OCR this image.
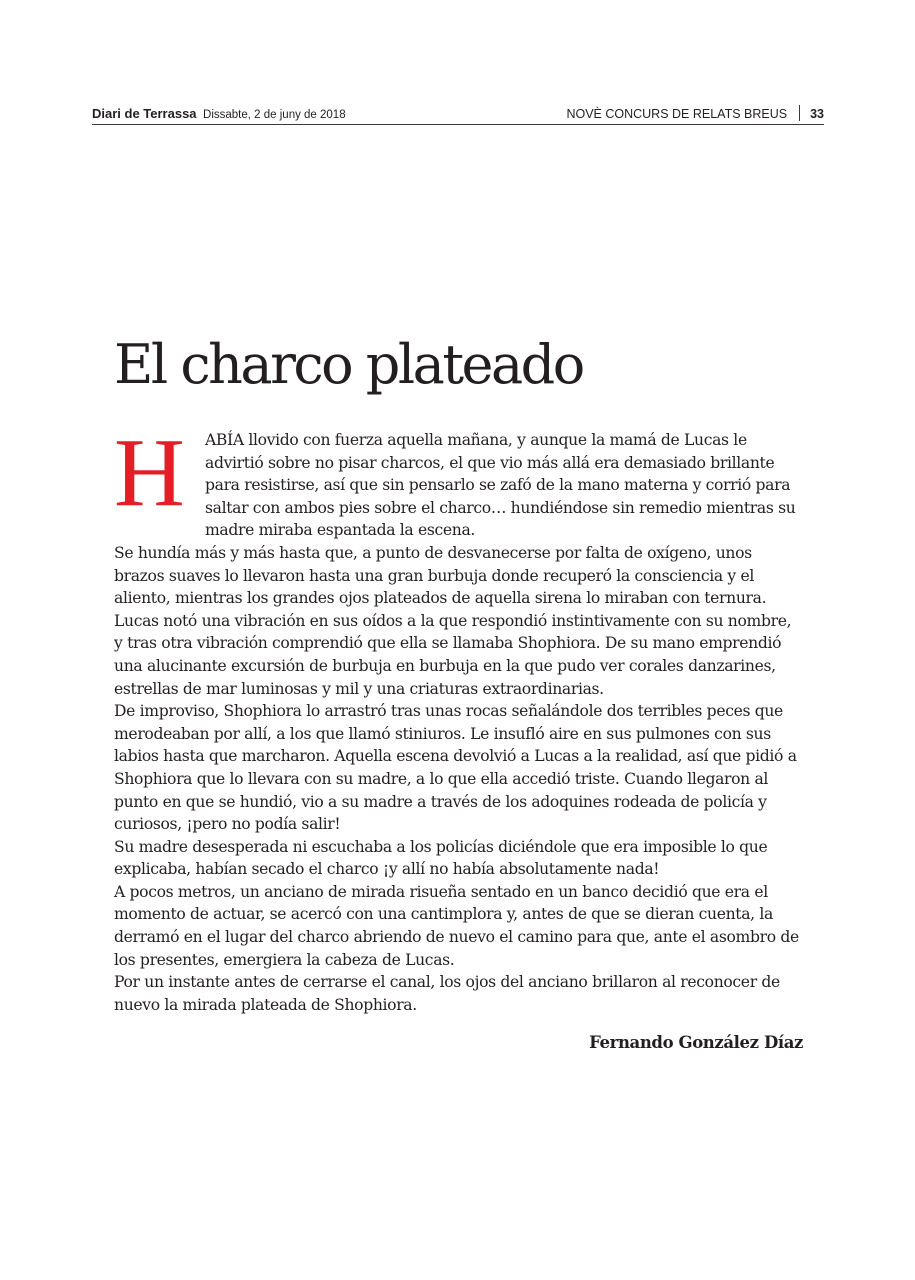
Diari de Terrassa Dissabte, 2 de juny de 2018	NOVÈ CONCURS DE RELATS BREUS	33
El charco plateado

H ABÍA llovido con fuerza aquella mañana, y aunque la mamá de Lucas le advirtió sobre no pisar charcos, el que vio más allá era demasiado brillante para resistirse, así que sin pensarlo se zafó de la mano materna y corrió para saltar con ambos pies sobre el charco… hundiéndose sin remedio mientras su madre miraba espantada la escena.

Se hundía más y más hasta que, a punto de desvanecerse por falta de oxígeno, unos brazos suaves lo llevaron hasta una gran burbuja donde recuperó la consciencia y el aliento, mientras los grandes ojos plateados de aquella sirena lo miraban con ternura.

Lucas notó una vibración en sus oídos a la que respondió instintivamente con su nombre, y tras otra vibración comprendió que ella se llamaba Shophiora. De su mano emprendió una alucinante excursión de burbuja en burbuja en la que pudo ver corales danzarines, estrellas de mar luminosas y mil y una criaturas extraordinarias.

De improviso, Shophiora lo arrastró tras unas rocas señalándole dos terribles peces que merodeaban por allí, a los que llamó stiniuros. Le insufló aire en sus pulmones con sus labios hasta que marcharon. Aquella escena devolvió a Lucas a la realidad, así que pidió a Shophiora que lo llevara con su madre, a lo que ella accedió triste. Cuando llegaron al punto en que se hundió, vio a su madre a través de los adoquines rodeada de policía y curiosos, ¡pero no podía salir!

Su madre desesperada ni escuchaba a los policías diciéndole que era imposible lo que explicaba, habían secado el charco ¡y allí no había absolutamente nada!

A pocos metros, un anciano de mirada risueña sentado en un banco decidió que era el momento de actuar, se acercó con una cantimplora y, antes de que se dieran cuenta, la derramó en el lugar del charco abriendo de nuevo el camino para que, ante el asombro de los presentes, emergiera la cabeza de Lucas.

Por un instante antes de cerrarse el canal, los ojos del anciano brillaron al reconocer de nuevo la mirada plateada de Shophiora.

Fernando González Díaz
